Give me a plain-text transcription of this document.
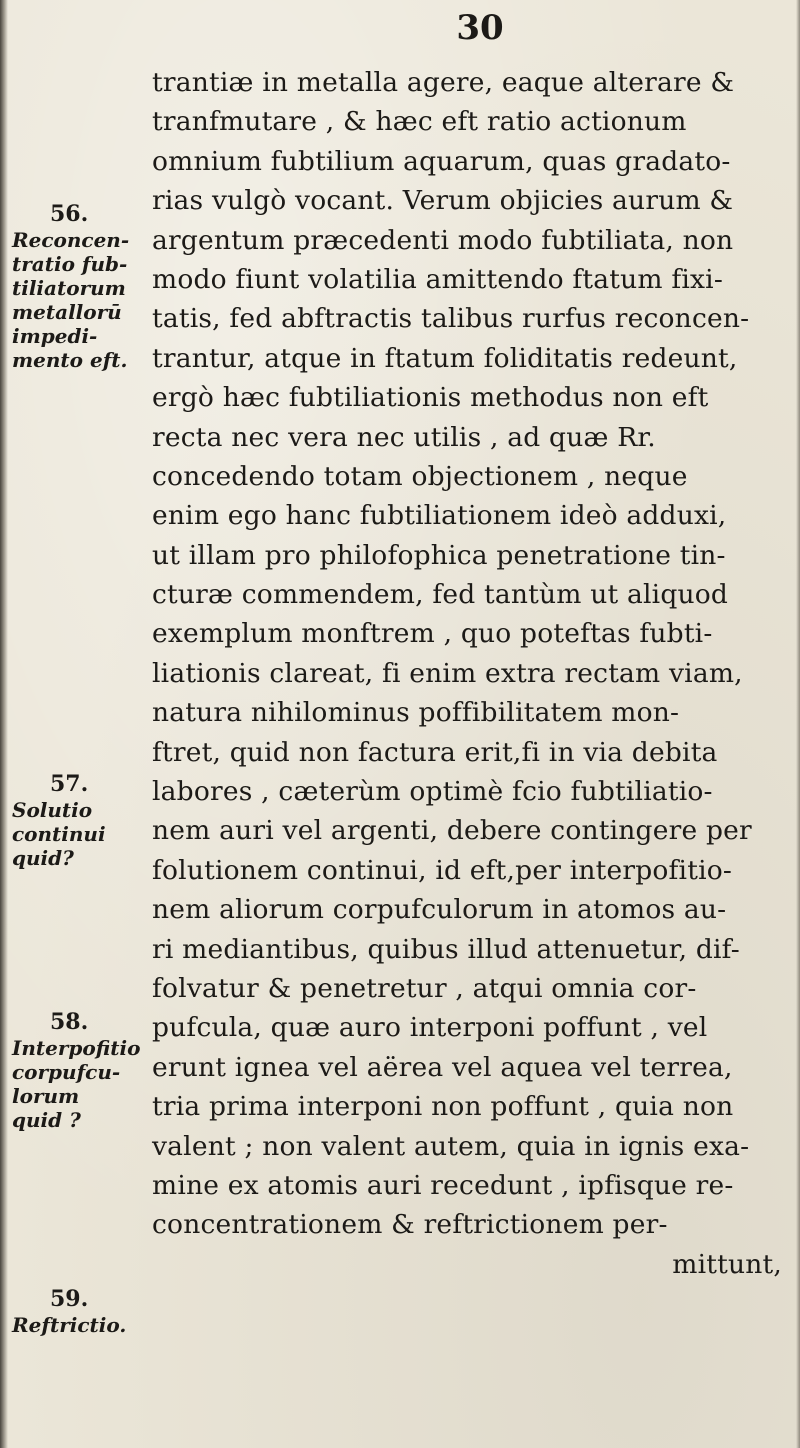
30
trantiæ in metalla agere, eaque alterare &
tranfmutare , & hæc eft ratio actionum
omnium fubtilium aquarum, quas gradato-
rias vulgò vocant. Verum objicies aurum &
argentum præcedenti modo fubtiliata, non
modo fiunt volatilia amittendo ftatum fixi-
tatis, fed abftractis talibus rurfus reconcen-
trantur, atque in ftatum foliditatis redeunt,
ergò hæc fubtiliationis methodus non eft
recta nec vera nec utilis , ad quæ Rr.
concedendo totam objectionem , neque
enim ego hanc fubtiliationem ideò adduxi,
ut illam pro philofophica penetratione tin-
cturæ commendem, fed tantùm ut aliquod
exemplum monftrem , quo poteftas fubti-
liationis clareat, fi enim extra rectam viam,
natura nihilominus poffibilitatem mon-
ftret, quid non factura erit,fi in via debita
labores , cæterùm optimè fcio fubtiliatio-
nem auri vel argenti, debere contingere per
folutionem continui, id eft,per interpofitio-
nem aliorum corpufculorum in atomos au-
ri mediantibus, quibus illud attenuetur, dif-
folvatur & penetretur , atqui omnia cor-
pufcula, quæ auro interponi poffunt , vel
erunt ignea vel aërea vel aquea vel terrea,
tria prima interponi non poffunt , quia non
valent ; non valent autem, quia in ignis exa-
mine ex atomis auri recedunt , ipfisque re-
concentrationem & reftrictionem per-
mittunt,
56.
Reconcen-
tratio fub-
tiliatorum
metallorū
impedi-
mento eft.
57.
Solutio
continui
quid?
58.
Interpofitio
corpufcu-
lorum
quid ?
59.
Reftrictio.
